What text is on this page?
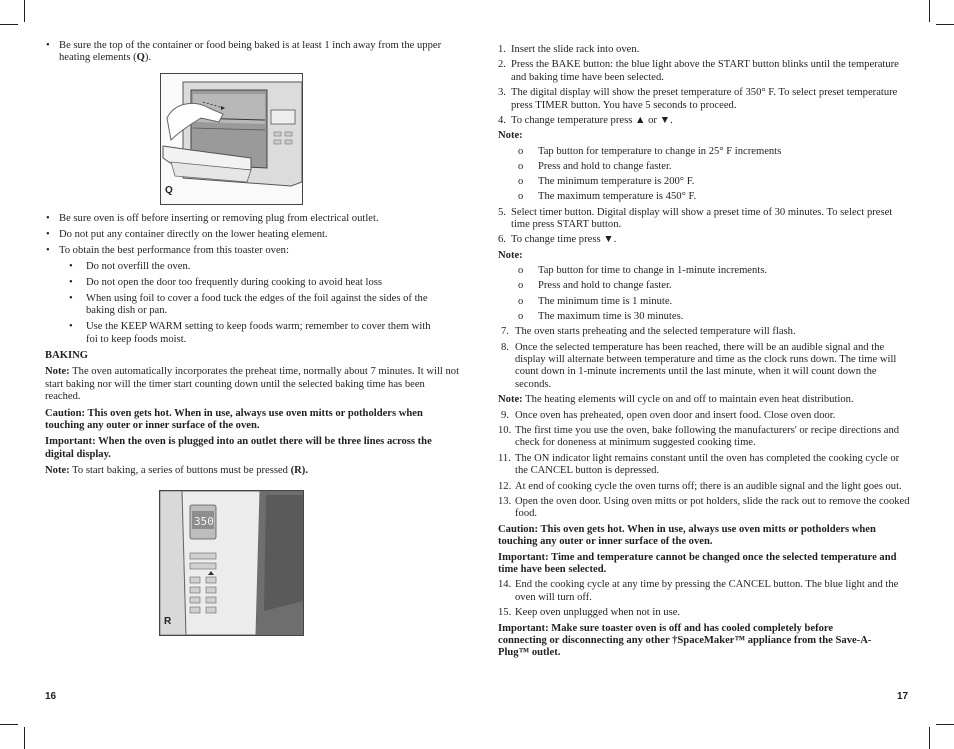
• Be sure the top of the container or food being baked is at least 1 inch away from the upper heating elements (Q).
Q
• Be sure oven is off before inserting or removing plug from electrical outlet.
• Do not put any container directly on the lower heating element.
• To obtain the best performance from this toaster oven:
• Do not overfill the oven.
• Do not open the door too frequently during cooking to avoid heat loss
• When using foil to cover a food tuck the edges of the foil against the sides of the baking dish or pan.
• Use the KEEP WARM setting to keep foods warm; remember to cover them with foi to keep foods moist.

BAKING

Note: The oven automatically incorporates the preheat time, normally about 7 minutes. It will not start baking nor will the timer start counting down until the selected baking time has been reached.

Caution: This oven gets hot. When in use, always use oven mitts or potholders when touching any outer or inner surface of the oven.

Important: When the oven is plugged into an outlet there will be three lines across the digital display.

Note: To start baking, a series of buttons must be pressed (R).

350
R
16
1. Insert the slide rack into oven.
2. Press the BAKE button: the blue light above the START button blinks until the temperature and baking time have been selected.
3. The digital display will show the preset temperature of 350° F. To select preset temperature press TIMER button. You have 5 seconds to proceed.
4. To change temperature press ▲ or ▼.

Note:

o Tap button for temperature to change in 25° F increments
o Press and hold to change faster.
o The minimum temperature is 200° F.
o The maximum temperature is 450° F.
5. Select timer button. Digital display will show a preset time of 30 minutes. To select preset time press START button.
6. To change time press ▼.

Note:

o Tap button for time to change in 1-minute increments.
o Press and hold to change faster.
o The minimum time is 1 minute.
o The maximum time is 30 minutes.
7. The oven starts preheating and the selected temperature will flash.
8. Once the selected temperature has been reached, there will be an audible signal and the display will alternate between temperature and time as the clock runs down. The time will count down in 1-minute increments until the last minute, when it will count down the seconds.

Note: The heating elements will cycle on and off to maintain even heat distribution.

9. Once oven has preheated, open oven door and insert food. Close oven door.
10. The first time you use the oven, bake following the manufacturers' or recipe directions and check for doneness at minimum suggested cooking time.
11. The ON indicator light remains constant until the oven has completed the cooking cycle or the CANCEL button is depressed.
12. At end of cooking cycle the oven turns off; there is an audible signal and the light goes out.
13. Open the oven door. Using oven mitts or pot holders, slide the rack out to remove the cooked food.

Caution: This oven gets hot. When in use, always use oven mitts or potholders when touching any outer or inner surface of the oven.

Important: Time and temperature cannot be changed once the selected temperature and time have been selected.

14. End the cooking cycle at any time by pressing the CANCEL button. The blue light and the oven will turn off.
15. Keep oven unplugged when not in use.

Important: Make sure toaster oven is off and has cooled completely before connecting or disconnecting any other †SpaceMaker™ appliance from the Save-A-Plug™ outlet.

17
